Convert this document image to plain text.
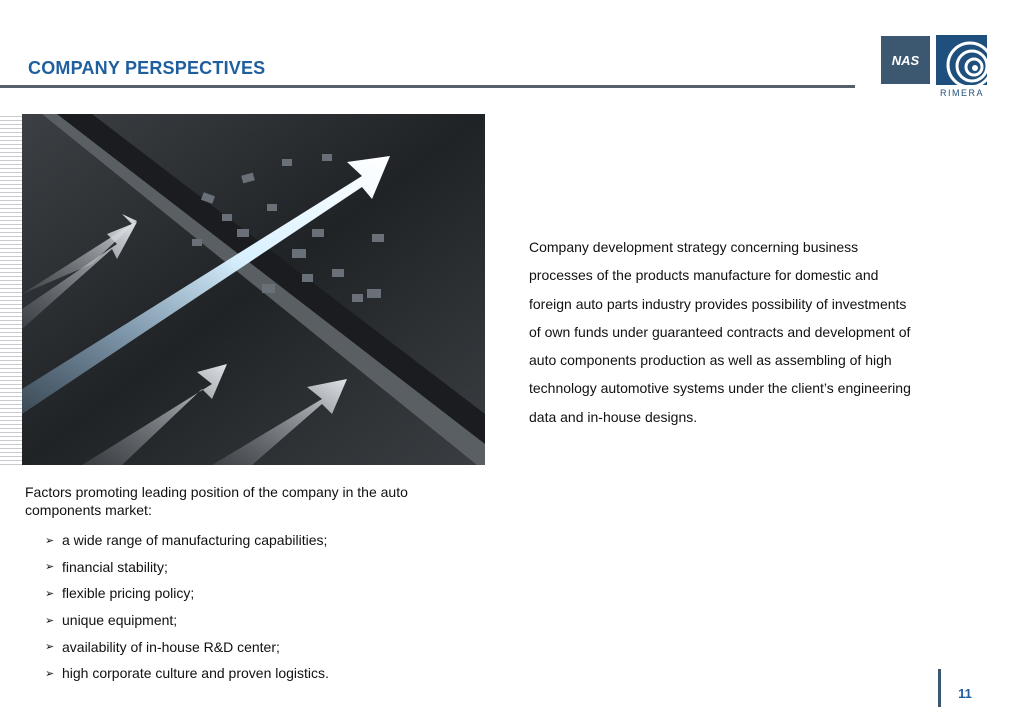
COMPANY PERSPECTIVES	NAS
RIMERA
Company development strategy concerning business processes of the products manufacture for domestic and foreign auto parts industry provides possibility of investments of own funds under guaranteed contracts and development of auto components production as well as assembling of high technology automotive systems under the client’s engineering data and in-house designs.
Factors promoting leading position of the company in the auto components market:
➢ a wide range of manufacturing capabilities;
➢ financial stability;
➢ flexible pricing policy;
➢ unique equipment;
➢ availability of in-house R&D center;
➢ high corporate culture and proven logistics.
11
